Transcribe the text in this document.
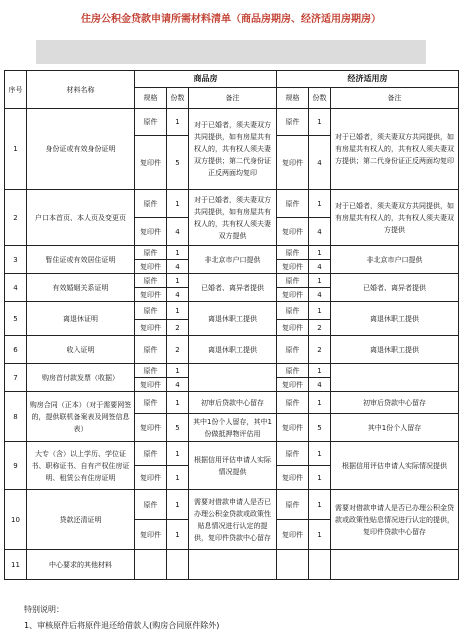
住房公积金贷款申请所需材料清单（商品房期房、经济适用房期房）
序号	材料名称	商品房			经济适用房		
		规格	份数	备注	规格	份数	备注
1	身份证或有效身份证明	原件	1	对于已婚者，须夫妻双方共同提供，如有房屋共有权人的，共有权人须夫妻双方提供；第二代身份证正反两面均复印	原件	1	对于已婚者，须夫妻双方共同提供，如有房屋共有权人的，共有权人须夫妻双方提供；第二代身份证正反两面均复印
		复印件	5		复印件	4	
2	户口本首页、本人页及变更页	原件	1	对于已婚者，须夫妻双方共同提供，如有房屋共有权人的，共有权人须夫妻双方提供	原件	1	对于已婚者，须夫妻双方共同提供，如有房屋共有权人的，共有权人须夫妻双方提供
		复印件	4		复印件	4	
3	暂住证或有效居住证明	原件	1	非北京市户口提供	原件	1	非北京市户口提供
		复印件	4		复印件	4	
4	有效婚姻关系证明	原件	1	已婚者、离异者提供	原件	1	已婚者、离异者提供
		复印件	4		复印件	4	
5	离退休证明	原件	1	离退休职工提供	原件	1	离退休职工提供
		复印件	2		复印件	2	
6	收入证明	原件	2	离退休职工提供	原件	2	离退休职工提供
7	购房首付款发票（收据）	原件	1		原件	1	
		复印件	4		复印件	4	
8	购房合同（正本）（对于需要网签的，提供联机备案表及网签信息表）	原件	1	初审后贷款中心留存	原件	1	初审后贷款中心留存
		复印件	5	其中1份个人留存，其中1份做抵押物评估用	复印件	5	其中1份个人留存
9	大专（含）以上学历、学位证书、职称证书、自有产权住房证明、租赁公有住房证明	原件	1	根据信用评估申请人实际情况提供	原件	1	根据信用评估申请人实际情况提供
		复印件	1		复印件	1	
10	贷款还清证明	原件	1	需要对借款申请人是否已办理公积金贷款或政策性贴息情况进行认定的提供，复印件贷款中心留存	原件	1	需要对借款申请人是否已办理公积金贷款或政策性贴息情况进行认定的提供，复印件贷款中心留存
		复印件	1		复印件	1	
11	中心要求的其他材料						
特别说明：
1、审核原件后将原件退还给借款人(购房合同原件除外)
